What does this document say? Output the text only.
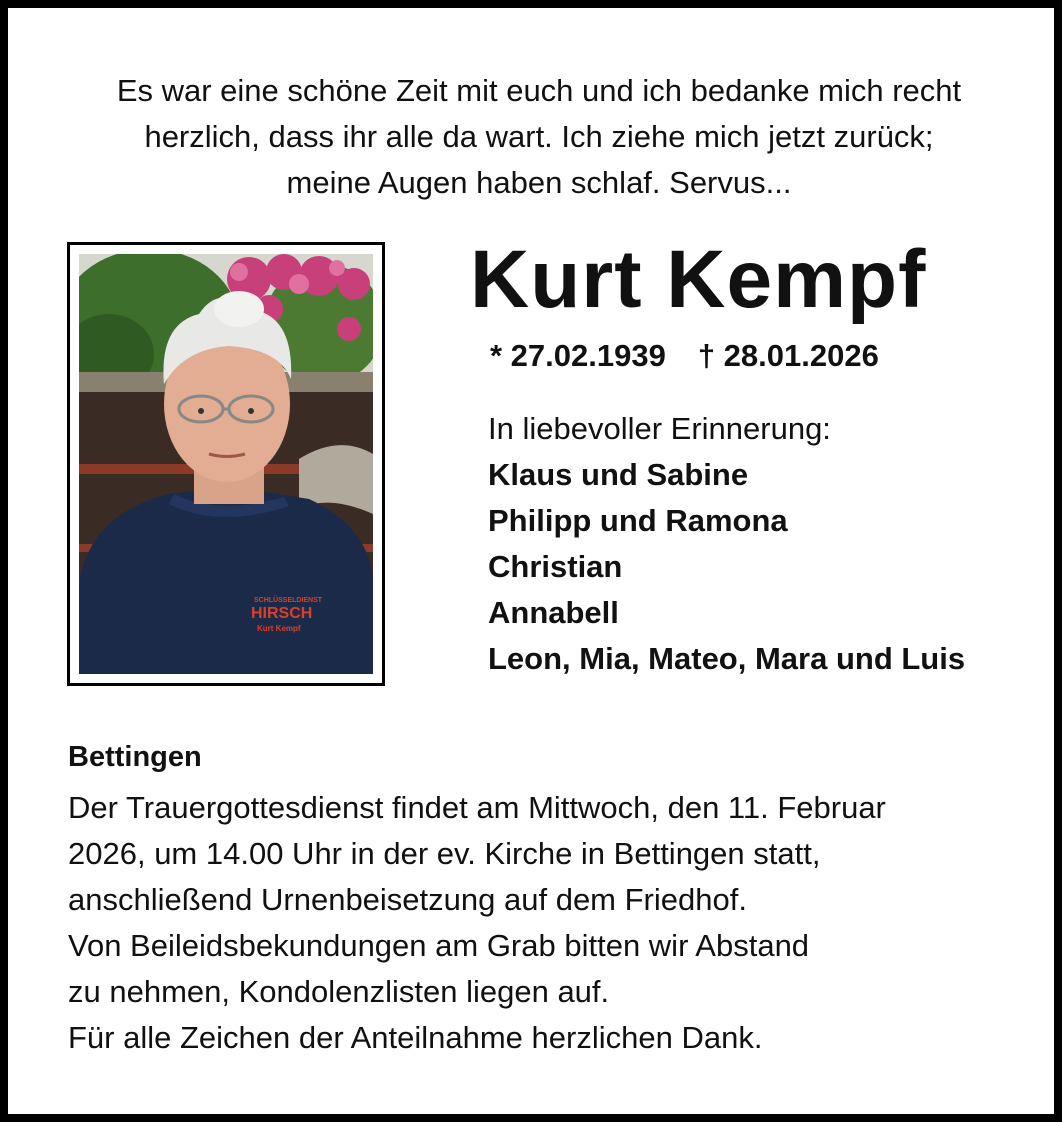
Es war eine schöne Zeit mit euch und ich bedanke mich recht
herzlich, dass ihr alle da wart. Ich ziehe mich jetzt zurück;
meine Augen haben schlaf. Servus...
SCHLÜSSELDIENST
HIRSCH
Kurt Kempf
Kurt Kempf
* 27.02.1939 † 28.01.2026
In liebevoller Erinnerung:
Klaus und Sabine
Philipp und Ramona
Christian
Annabell
Leon, Mia, Mateo, Mara und Luis
Bettingen
Der Trauergottesdienst findet am Mittwoch, den 11. Februar
2026, um 14.00 Uhr in der ev. Kirche in Bettingen statt,
anschließend Urnenbeisetzung auf dem Friedhof.
Von Beileidsbekundungen am Grab bitten wir Abstand
zu nehmen, Kondolenzlisten liegen auf.
Für alle Zeichen der Anteilnahme herzlichen Dank.
